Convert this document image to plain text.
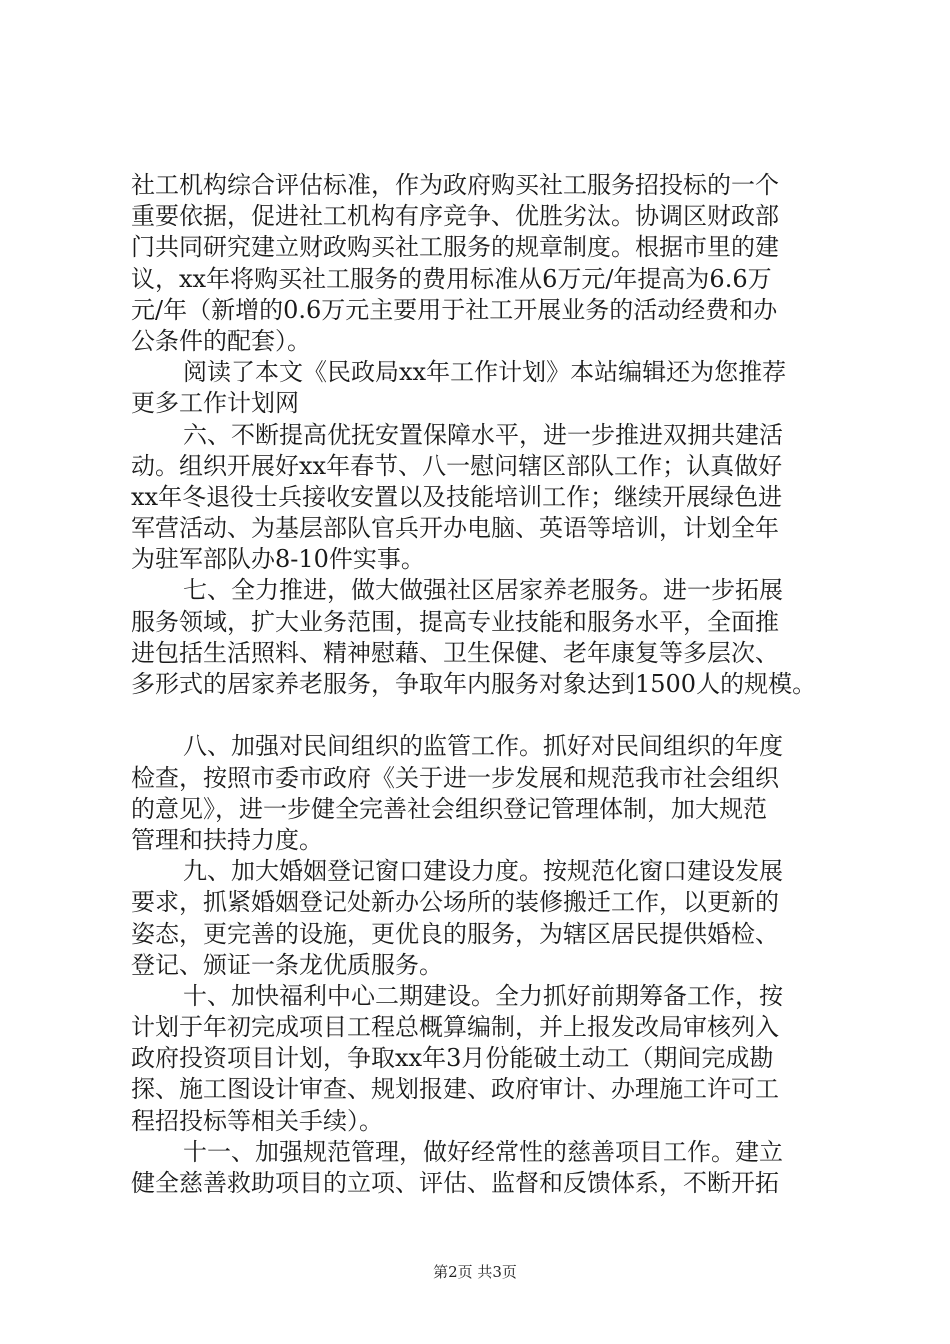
社工机构综合评估标准，作为政府购买社工服务招投标的一个
重要依据，促进社工机构有序竞争、优胜劣汰。协调区财政部
门共同研究建立财政购买社工服务的规章制度。根据市里的建
议，xx年将购买社工服务的费用标准从6万元/年提高为6.6万
元/年（新增的0.6万元主要用于社工开展业务的活动经费和办
公条件的配套）。
阅读了本文《民政局xx年工作计划》本站编辑还为您推荐
更多工作计划网
六、不断提高优抚安置保障水平，进一步推进双拥共建活
动。组织开展好xx年春节、八一慰问辖区部队工作；认真做好
xx年冬退役士兵接收安置以及技能培训工作；继续开展绿色进
军营活动、为基层部队官兵开办电脑、英语等培训，计划全年
为驻军部队办8-10件实事。
七、全力推进，做大做强社区居家养老服务。进一步拓展
服务领域，扩大业务范围，提高专业技能和服务水平，全面推
进包括生活照料、精神慰藉、卫生保健、老年康复等多层次、
多形式的居家养老服务，争取年内服务对象达到1500人的规模。
八、加强对民间组织的监管工作。抓好对民间组织的年度
检查，按照市委市政府《关于进一步发展和规范我市社会组织
的意见》，进一步健全完善社会组织登记管理体制，加大规范
管理和扶持力度。
九、加大婚姻登记窗口建设力度。按规范化窗口建设发展
要求，抓紧婚姻登记处新办公场所的装修搬迁工作，以更新的
姿态，更完善的设施，更优良的服务，为辖区居民提供婚检、
登记、颁证一条龙优质服务。
十、加快福利中心二期建设。全力抓好前期筹备工作，按
计划于年初完成项目工程总概算编制，并上报发改局审核列入
政府投资项目计划，争取xx年3月份能破土动工（期间完成勘
探、施工图设计审查、规划报建、政府审计、办理施工许可工
程招投标等相关手续）。
十一、加强规范管理，做好经常性的慈善项目工作。建立
健全慈善救助项目的立项、评估、监督和反馈体系，不断开拓
第2页 共3页
